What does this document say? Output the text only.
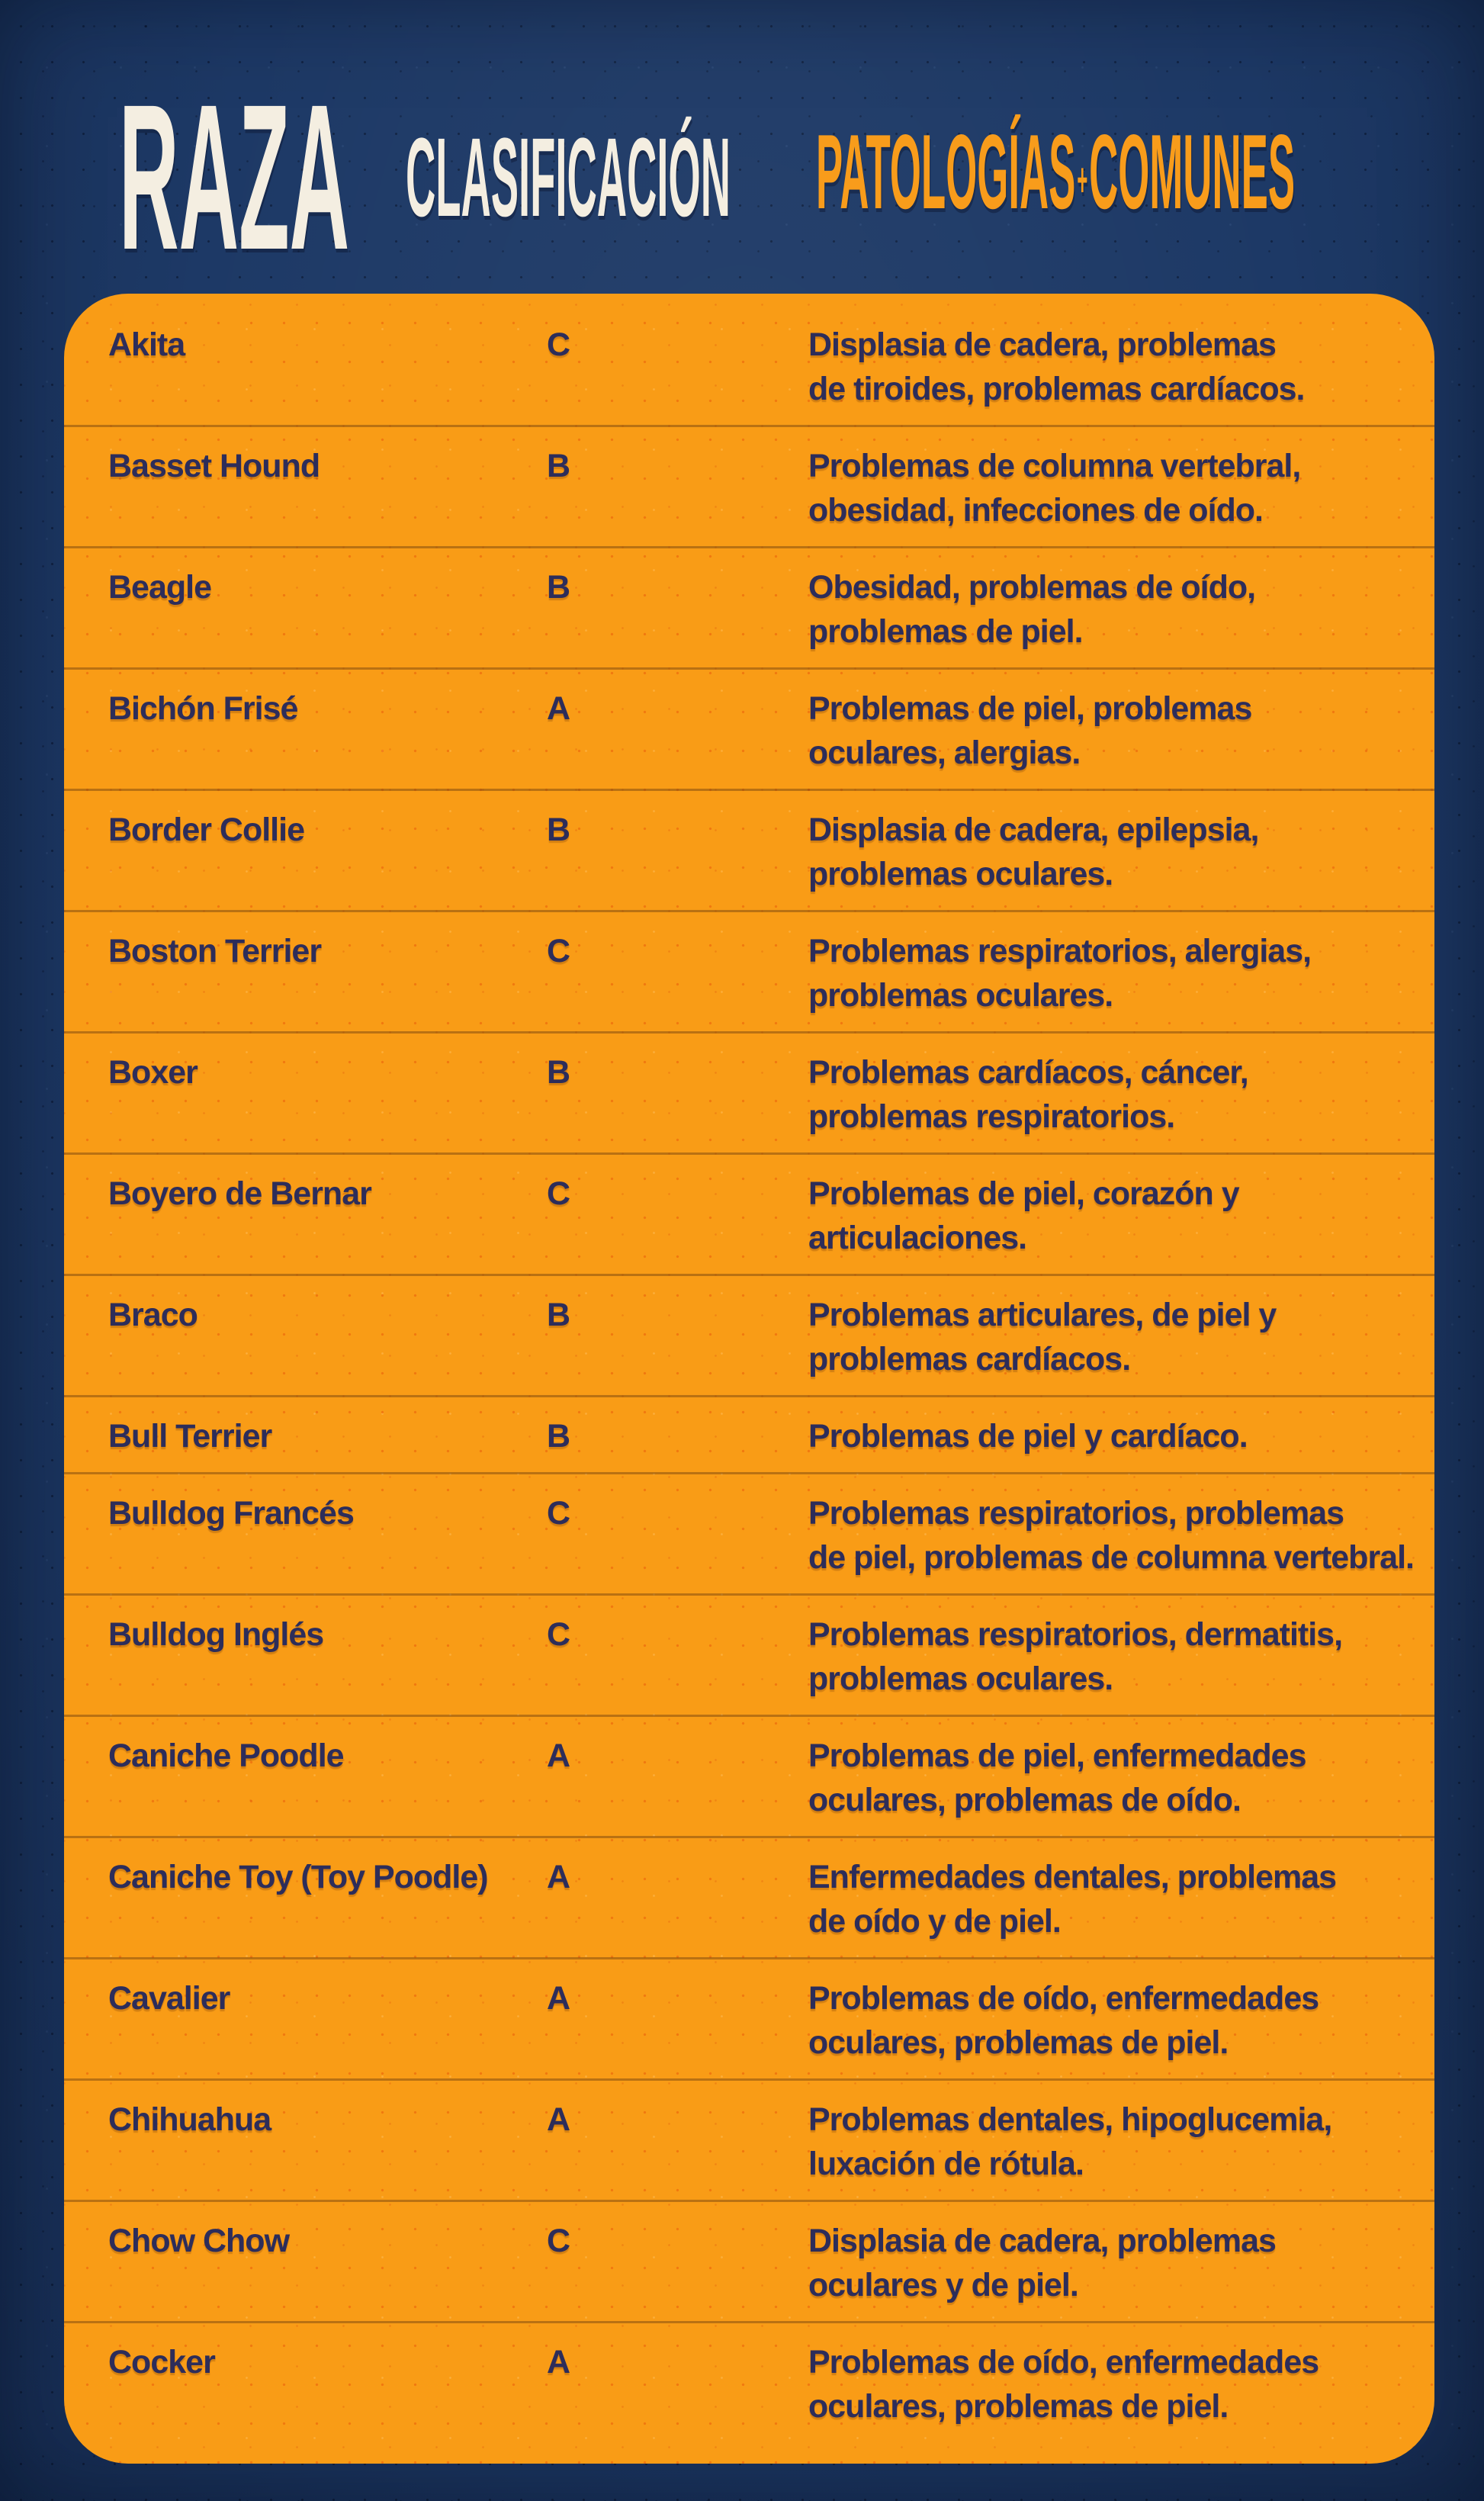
RAZA CLASIFICACIÓN PATOLOGÍAS+COMUNES
Akita	C	Displasia de cadera, problemas
de tiroides, problemas cardíacos.
Basset Hound	B	Problemas de columna vertebral,
obesidad, infecciones de oído.
Beagle	B	Obesidad, problemas de oído,
problemas de piel.
Bichón Frisé	A	Problemas de piel, problemas
oculares, alergias.
Border Collie	B	Displasia de cadera, epilepsia,
problemas oculares.
Boston Terrier	C	Problemas respiratorios, alergias,
problemas oculares.
Boxer	B	Problemas cardíacos, cáncer,
problemas respiratorios.
Boyero de Bernar	C	Problemas de piel, corazón y
articulaciones.
Braco	B	Problemas articulares, de piel y
problemas cardíacos.
Bull Terrier	B	Problemas de piel y cardíaco.
Bulldog Francés	C	Problemas respiratorios, problemas
de piel, problemas de columna vertebral.
Bulldog Inglés	C	Problemas respiratorios, dermatitis,
problemas oculares.
Caniche Poodle	A	Problemas de piel, enfermedades
oculares, problemas de oído.
Caniche Toy (Toy Poodle)	A	Enfermedades dentales, problemas
de oído y de piel.
Cavalier	A	Problemas de oído, enfermedades
oculares, problemas de piel.
Chihuahua	A	Problemas dentales, hipoglucemia,
luxación de rótula.
Chow Chow	C	Displasia de cadera, problemas
oculares y de piel.
Cocker	A	Problemas de oído, enfermedades
oculares, problemas de piel.
